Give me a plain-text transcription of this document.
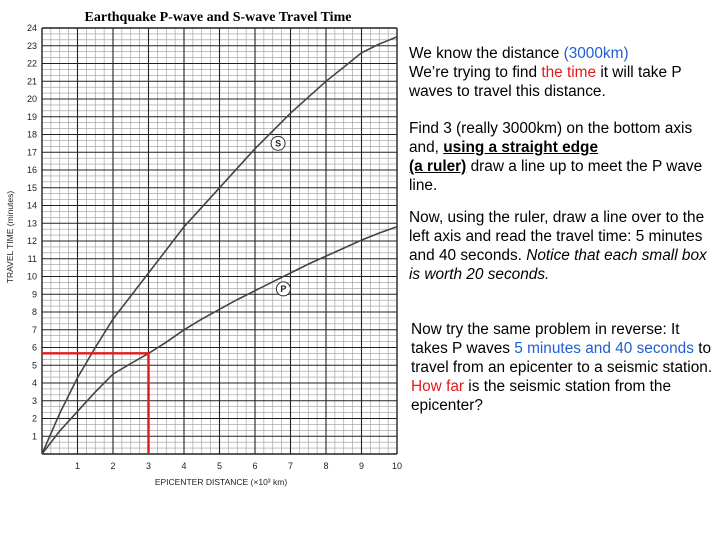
Earthquake P-wave and S-wave Travel Time
1	2	3	4	5	6	7	8	9	10
1
2
3
4
5
6
7
8
9
10
11
12
13
14
15
16
17
18
19
20
21
22
23
24
S
P
EPICENTER DISTANCE (×10³ km)
TRAVEL TIME (minutes)

We know the distance (3000km)
We’re trying to find the time it will take P waves to travel this distance.

Find 3 (really 3000km) on the bottom axis and, using a straight edge
(a ruler) draw a line up to meet the P wave line.

Now, using the ruler, draw a line over to the left axis and read the travel time: 5 minutes and 40 seconds. Notice that each small box is worth 20 seconds.

Now try the same problem in reverse: It takes P waves 5 minutes and 40 seconds to travel from an epicenter to a seismic station. How far is the seismic station from the epicenter?
